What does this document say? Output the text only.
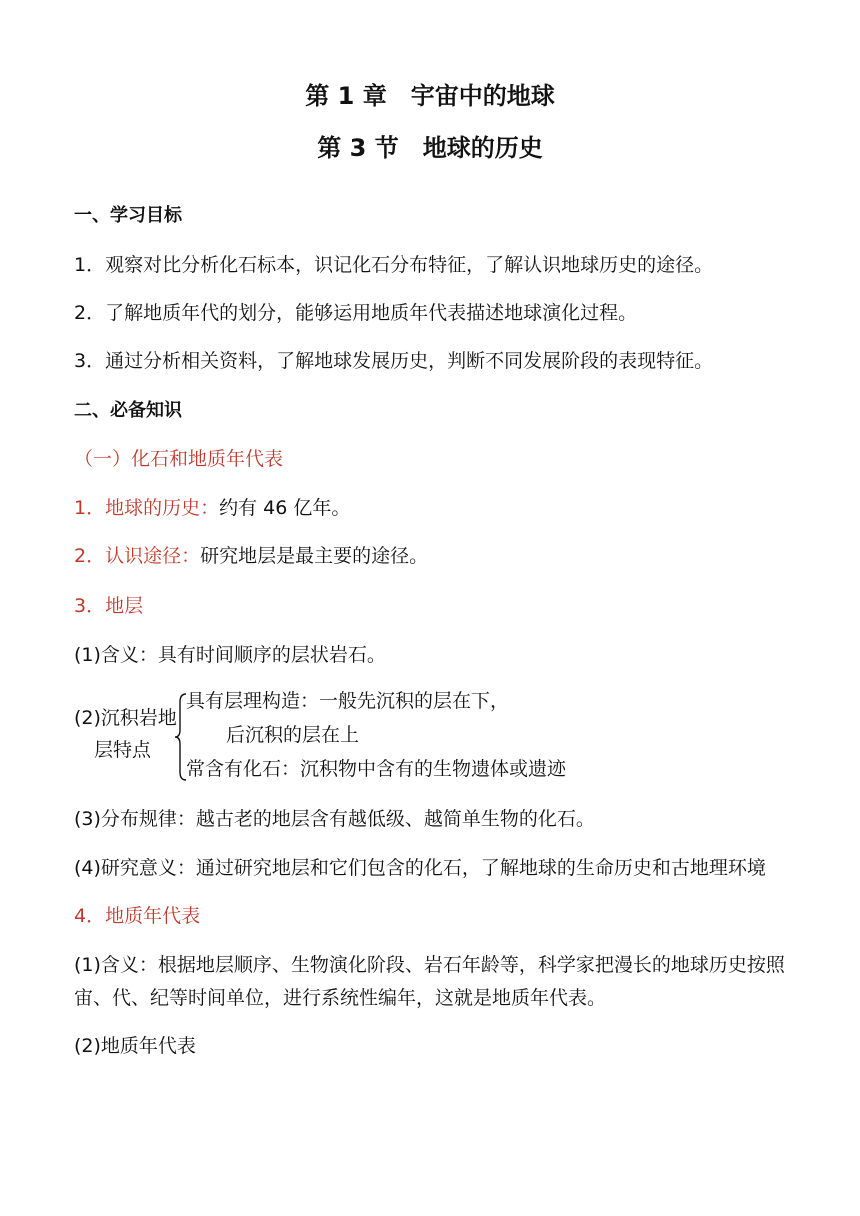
第 1 章　宇宙中的地球
第 3 节　地球的历史
一、学习目标
1．观察对比分析化石标本，识记化石分布特征，了解认识地球历史的途径。
2．了解地质年代的划分，能够运用地质年代表描述地球演化过程。
3．通过分析相关资料，了解地球发展历史，判断不同发展阶段的表现特征。
二、必备知识
（一）化石和地质年代表
1．地球的历史：约有 46 亿年。
2．认识途径：研究地层是最主要的途径。
3．地层
(1)含义：具有时间顺序的层状岩石。
(2)沉积岩地
层特点
具有层理构造：一般先沉积的层在下，
后沉积的层在上
常含有化石：沉积物中含有的生物遗体或遗迹
(3)分布规律：越古老的地层含有越低级、越简单生物的化石。
(4)研究意义：通过研究地层和它们包含的化石，了解地球的生命历史和古地理环境
4．地质年代表
(1)含义：根据地层顺序、生物演化阶段、岩石年龄等，科学家把漫长的地球历史按照
宙、代、纪等时间单位，进行系统性编年，这就是地质年代表。
(2)地质年代表
